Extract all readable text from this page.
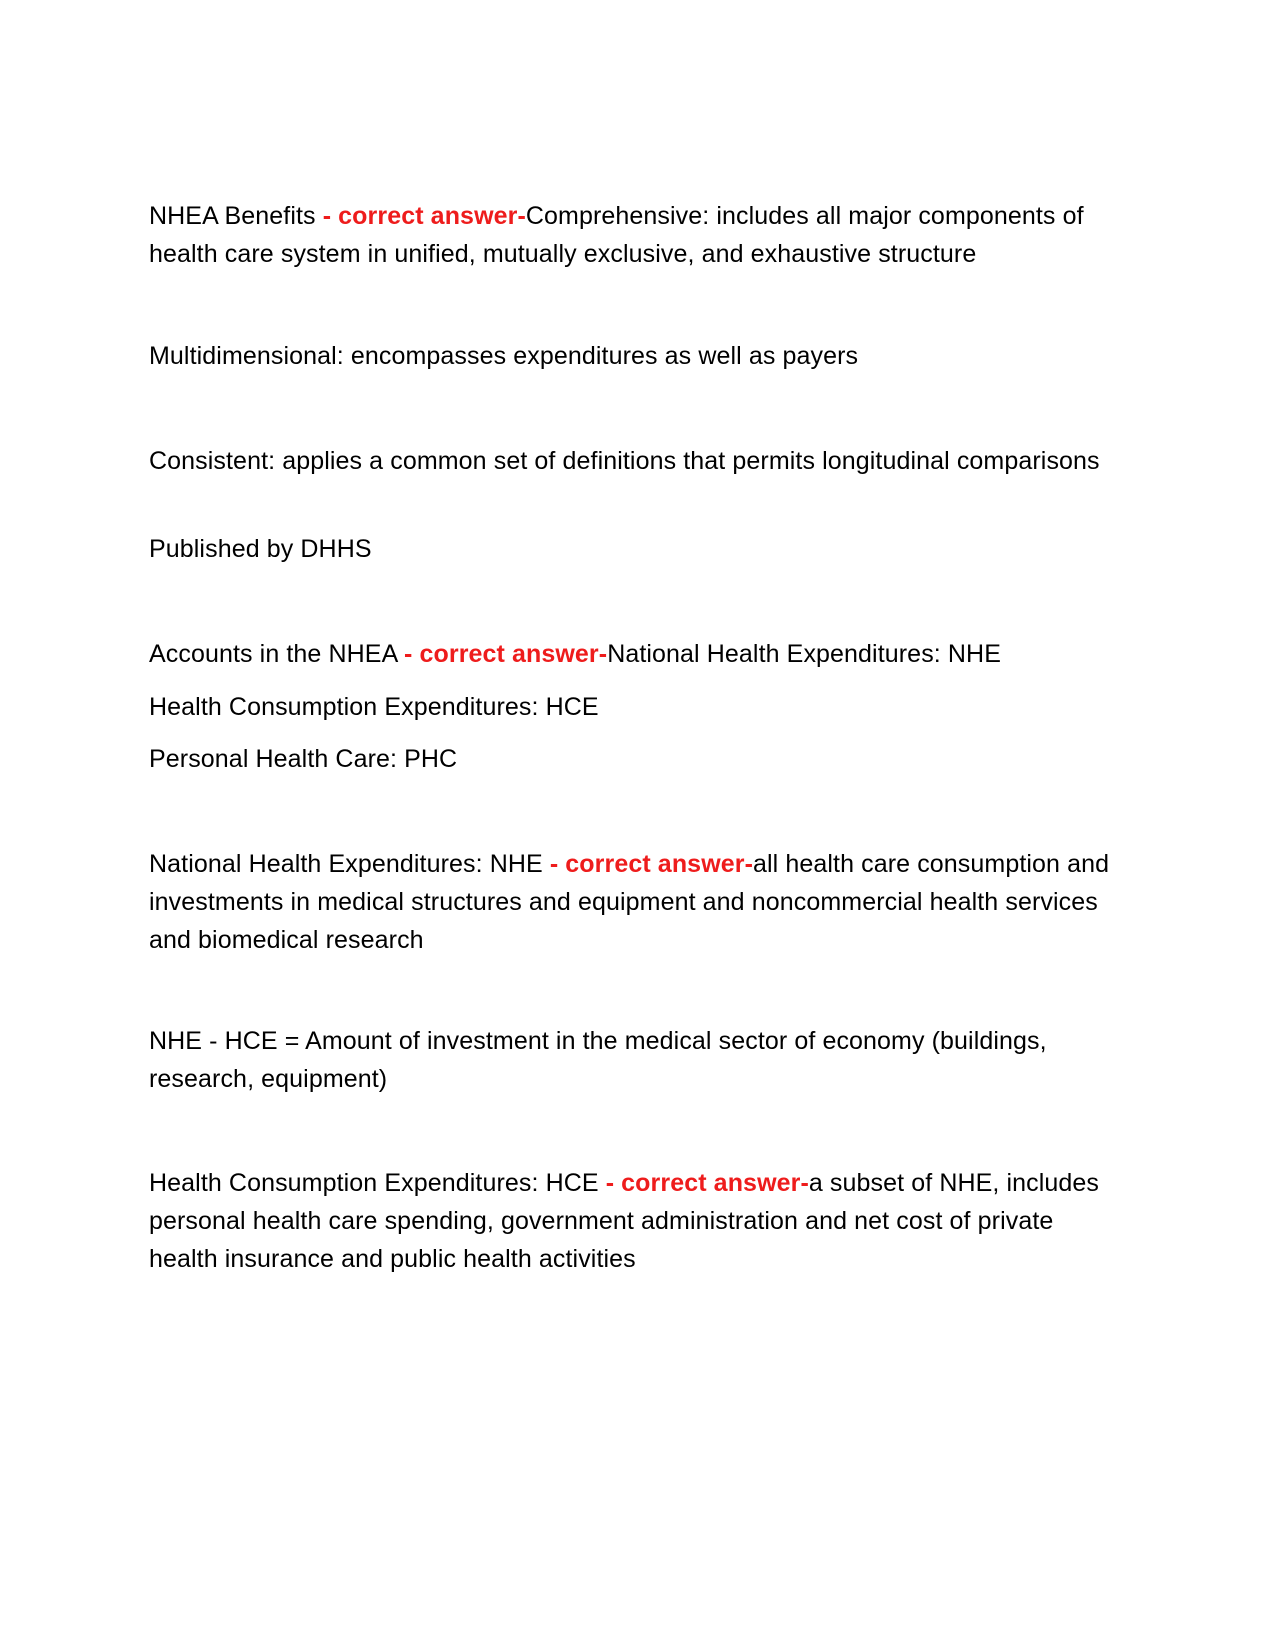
NHEA Benefits - correct answer-Comprehensive: includes all major components of health care system in unified, mutually exclusive, and exhaustive structure

Multidimensional: encompasses expenditures as well as payers

Consistent: applies a common set of definitions that permits longitudinal comparisons

Published by DHHS

Accounts in the NHEA - correct answer-National Health Expenditures: NHE

Health Consumption Expenditures: HCE

Personal Health Care: PHC

National Health Expenditures: NHE - correct answer-all health care consumption and investments in medical structures and equipment and noncommercial health services and biomedical research

NHE - HCE = Amount of investment in the medical sector of economy (buildings, research, equipment)

Health Consumption Expenditures: HCE - correct answer-a subset of NHE, includes personal health care spending, government administration and net cost of private health insurance and public health activities
